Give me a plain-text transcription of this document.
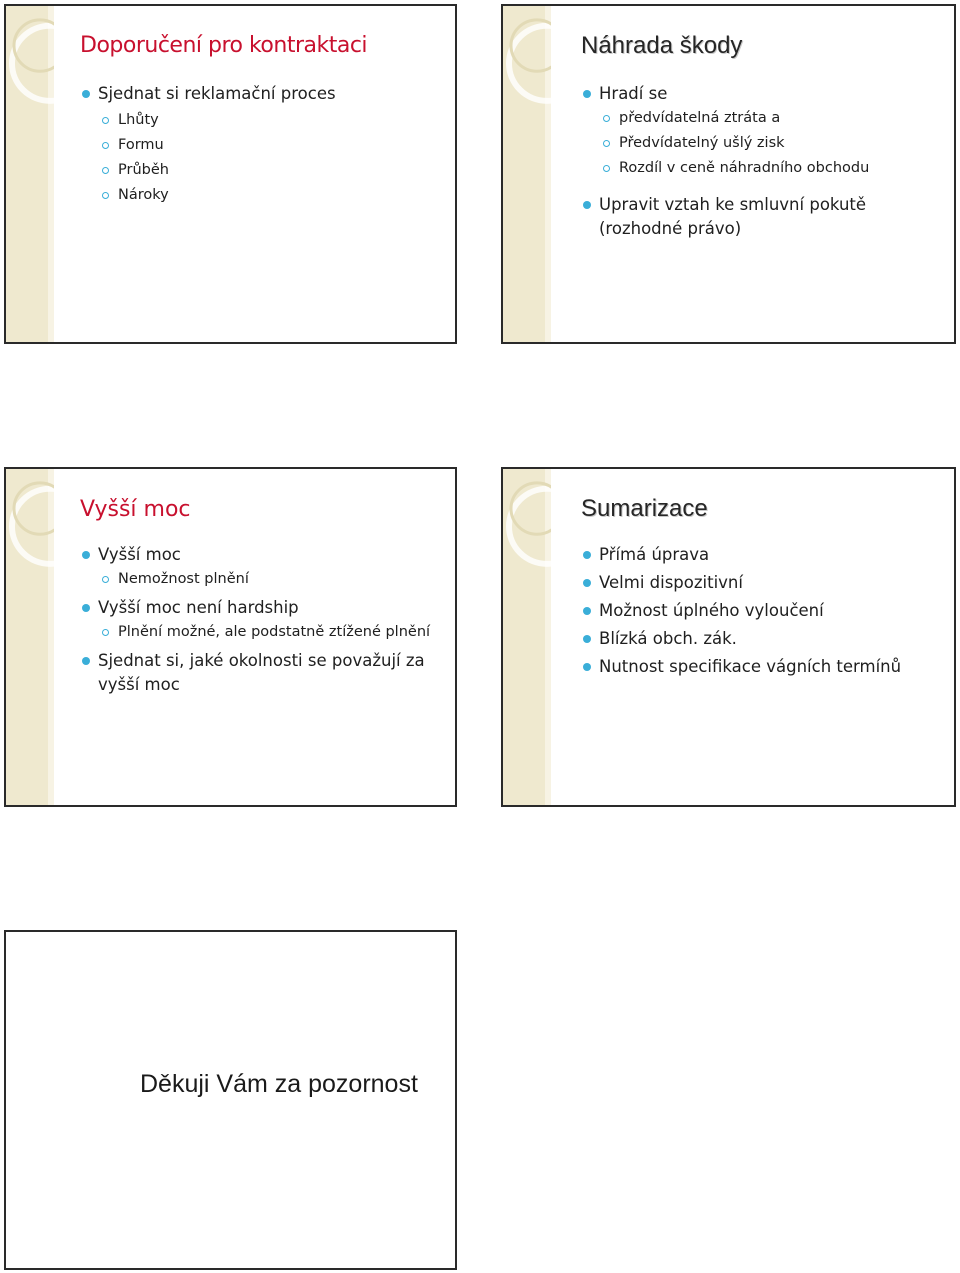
Doporučení pro kontraktaci
Sjednat si reklamační proces
Lhůty
Formu
Průběh
Nároky
Náhrada škody
Hradí se
předvídatelná ztráta a
Předvídatelný ušlý zisk
Rozdíl v ceně náhradního obchodu
Upravit vztah ke smluvní pokutě (rozhodné právo)
Vyšší moc
Vyšší moc
Nemožnost plnění
Vyšší moc není hardship
Plnění možné, ale podstatně ztížené plnění
Sjednat si, jaké okolnosti se považují za vyšší moc
Sumarizace
Přímá úprava
Velmi dispozitivní
Možnost úplného vyloučení
Blízká obch. zák.
Nutnost specifikace vágních termínů
Děkuji Vám za pozornost
